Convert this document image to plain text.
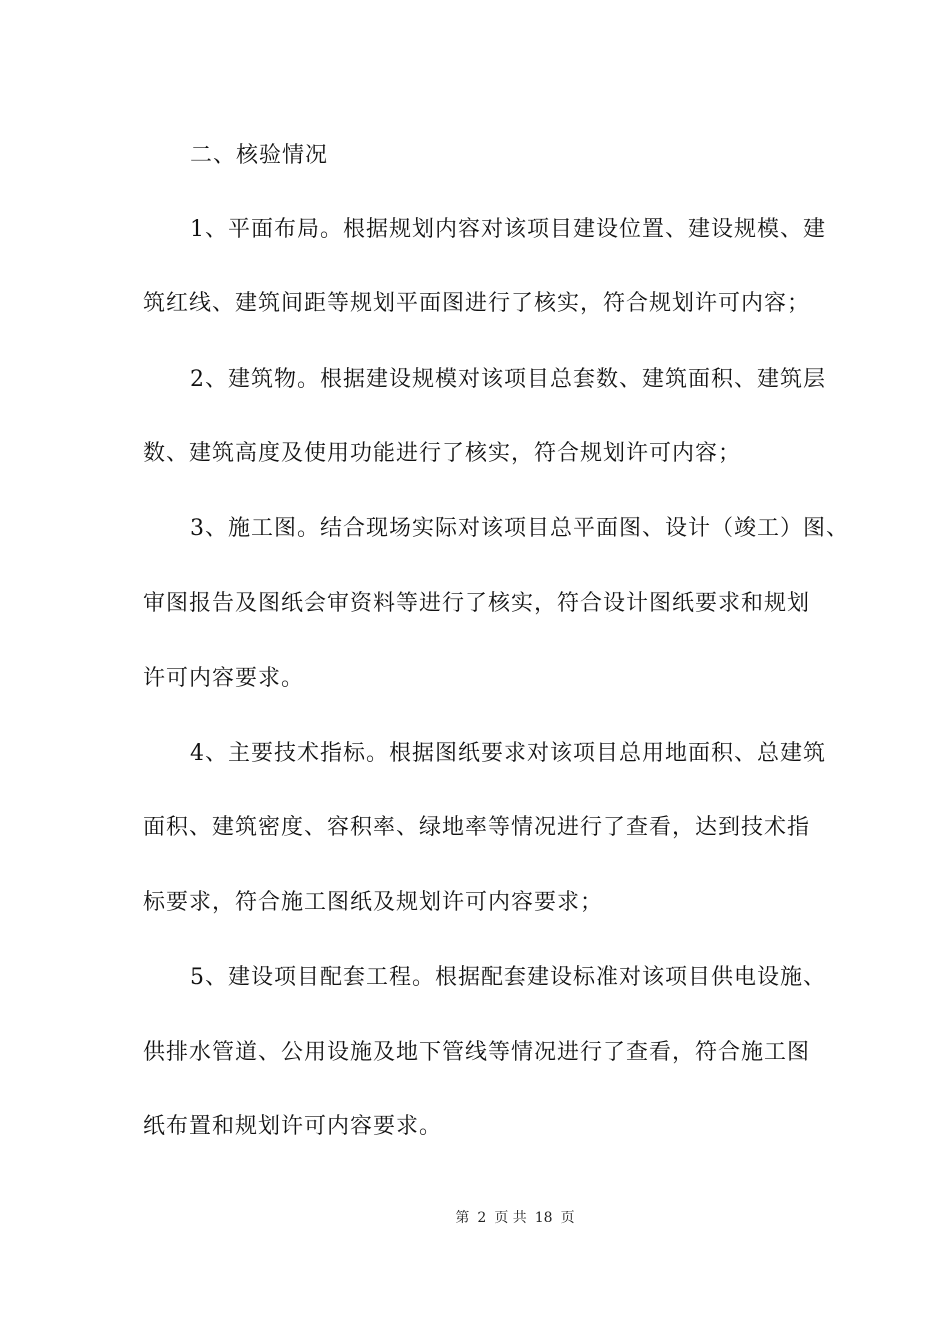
二、核验情况
1、平面布局。根据规划内容对该项目建设位置、建设规模、建
筑红线、建筑间距等规划平面图进行了核实，符合规划许可内容；
2、建筑物。根据建设规模对该项目总套数、建筑面积、建筑层
数、建筑高度及使用功能进行了核实，符合规划许可内容；
3、施工图。结合现场实际对该项目总平面图、设计（竣工）图、
审图报告及图纸会审资料等进行了核实，符合设计图纸要求和规划
许可内容要求。
4、主要技术指标。根据图纸要求对该项目总用地面积、总建筑
面积、建筑密度、容积率、绿地率等情况进行了查看，达到技术指
标要求，符合施工图纸及规划许可内容要求；
5、建设项目配套工程。根据配套建设标准对该项目供电设施、
供排水管道、公用设施及地下管线等情况进行了查看，符合施工图
纸布置和规划许可内容要求。
第 2 页 共 18 页
